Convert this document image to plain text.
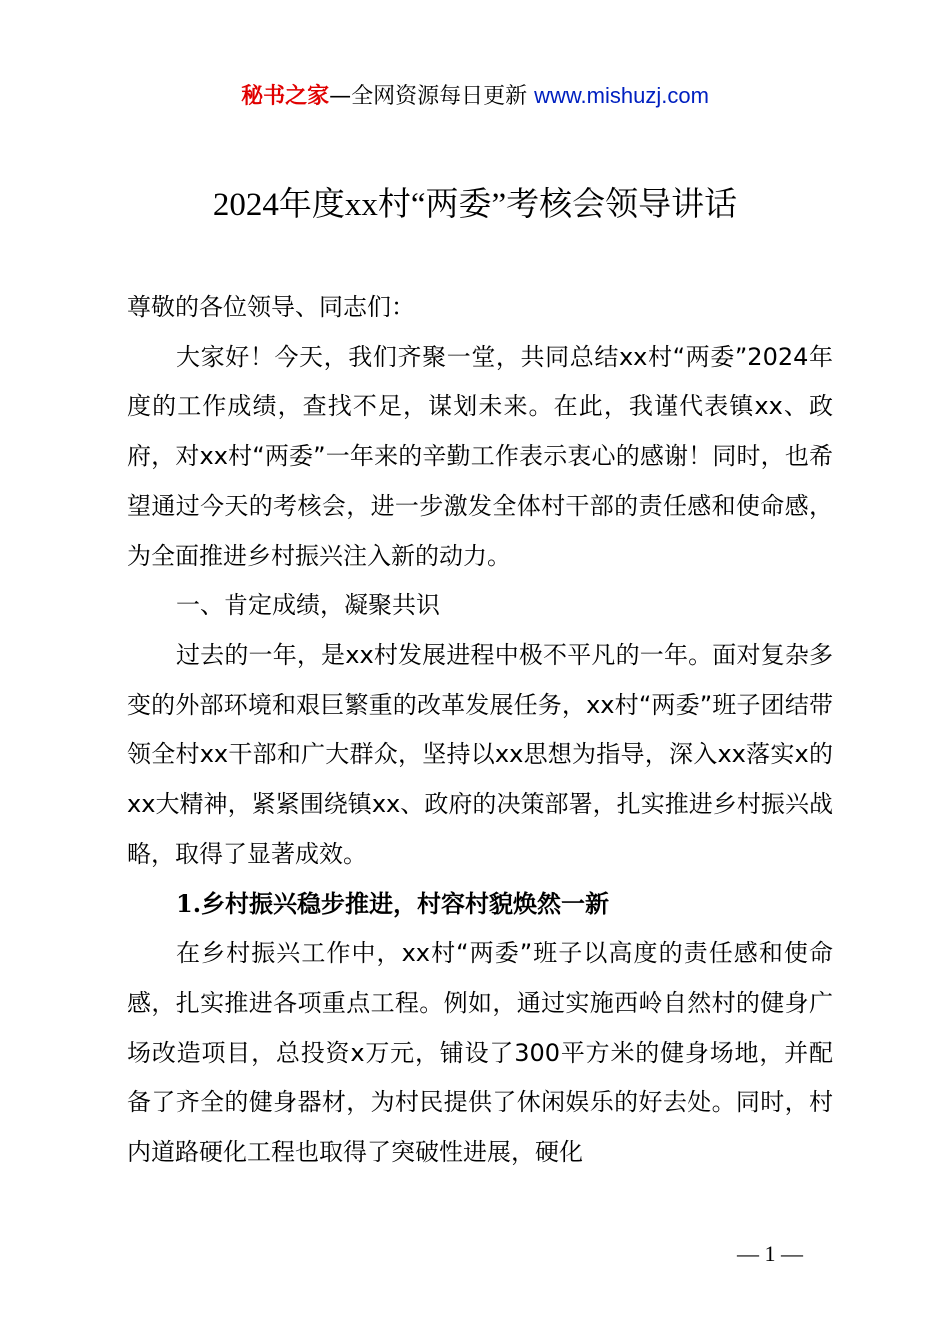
秘书之家—全网资源每日更新 www.mishuzj.com
2024年度xx村“两委”考核会领导讲话

尊敬的各位领导、同志们：

大家好！今天，我们齐聚一堂，共同总结xx村“两委”2024年度的工作成绩，查找不足，谋划未来。在此，我谨代表镇xx、政府，对xx村“两委”一年来的辛勤工作表示衷心的感谢！同时，也希望通过今天的考核会，进一步激发全体村干部的责任感和使命感，为全面推进乡村振兴注入新的动力。

一、肯定成绩，凝聚共识

过去的一年，是xx村发展进程中极不平凡的一年。面对复杂多变的外部环境和艰巨繁重的改革发展任务，xx村“两委”班子团结带领全村xx干部和广大群众，坚持以xx思想为指导，深入xx落实x的xx大精神，紧紧围绕镇xx、政府的决策部署，扎实推进乡村振兴战略，取得了显著成效。

1.乡村振兴稳步推进，村容村貌焕然一新

在乡村振兴工作中，xx村“两委”班子以高度的责任感和使命感，扎实推进各项重点工程。例如，通过实施西岭自然村的健身广场改造项目，总投资x万元，铺设了300平方米的健身场地，并配备了齐全的健身器材，为村民提供了休闲娱乐的好去处。同时，村内道路硬化工程也取得了突破性进展，硬化

— 1 —
